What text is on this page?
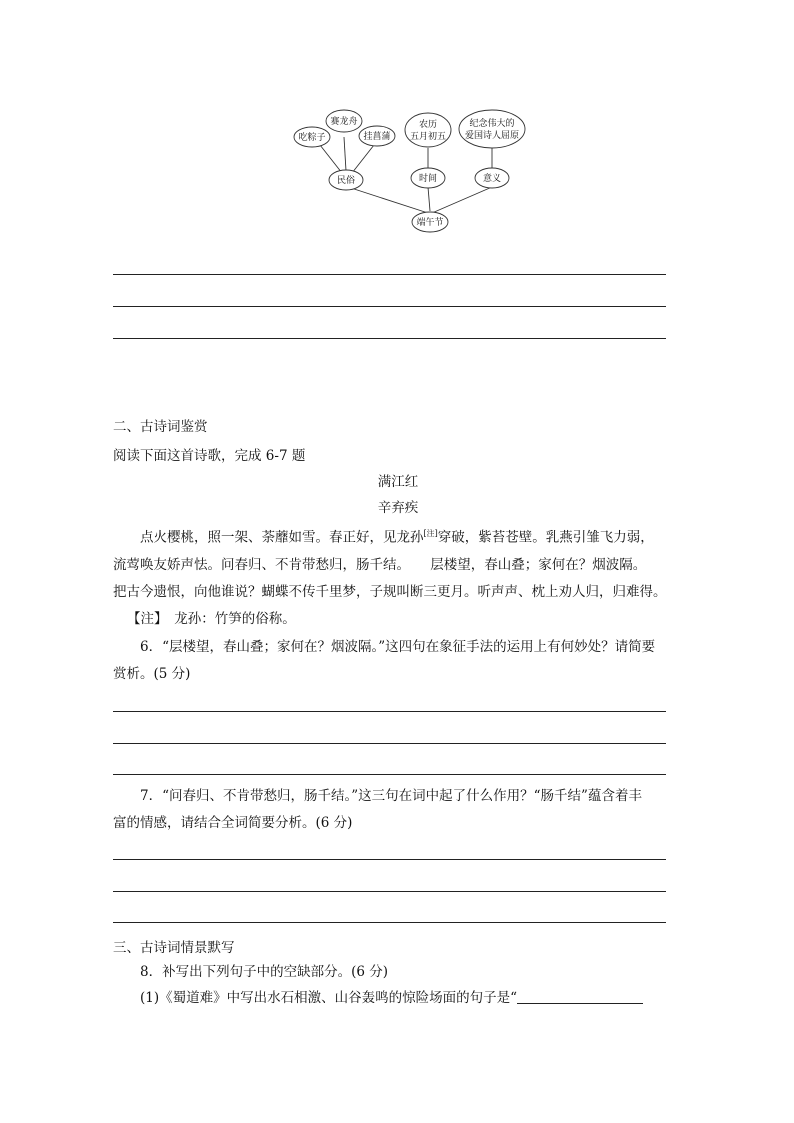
端午节
民俗	时间	意义
吃粽子
赛龙舟
挂菖蒲
农历
五月初五
纪念伟大的
爱国诗人屈原
二、古诗词鉴赏
阅读下面这首诗歌，完成 6-7 题
满江红
辛弃疾
点火樱桃，照一架、荼蘼如雪。春正好，见龙孙[注]穿破，紫苔苍壁。乳燕引雏飞力弱，
流莺唤友娇声怯。问春归、不肯带愁归，肠千结。　　层楼望，春山叠；家何在？烟波隔。
把古今遗恨，向他谁说？蝴蝶不传千里梦，子规叫断三更月。听声声、枕上劝人归，归难得。
【注】　龙孙：竹笋的俗称。
6．“层楼望，春山叠；家何在？烟波隔。”这四句在象征手法的运用上有何妙处？请简要
赏析。(5 分)
7．“问春归、不肯带愁归，肠千结。”这三句在词中起了什么作用？“肠千结”蕴含着丰
富的情感，请结合全词简要分析。(6 分)
三、古诗词情景默写
8．补写出下列句子中的空缺部分。(6 分)
(1)《蜀道难》中写出水石相激、山谷轰鸣的惊险场面的句子是“
